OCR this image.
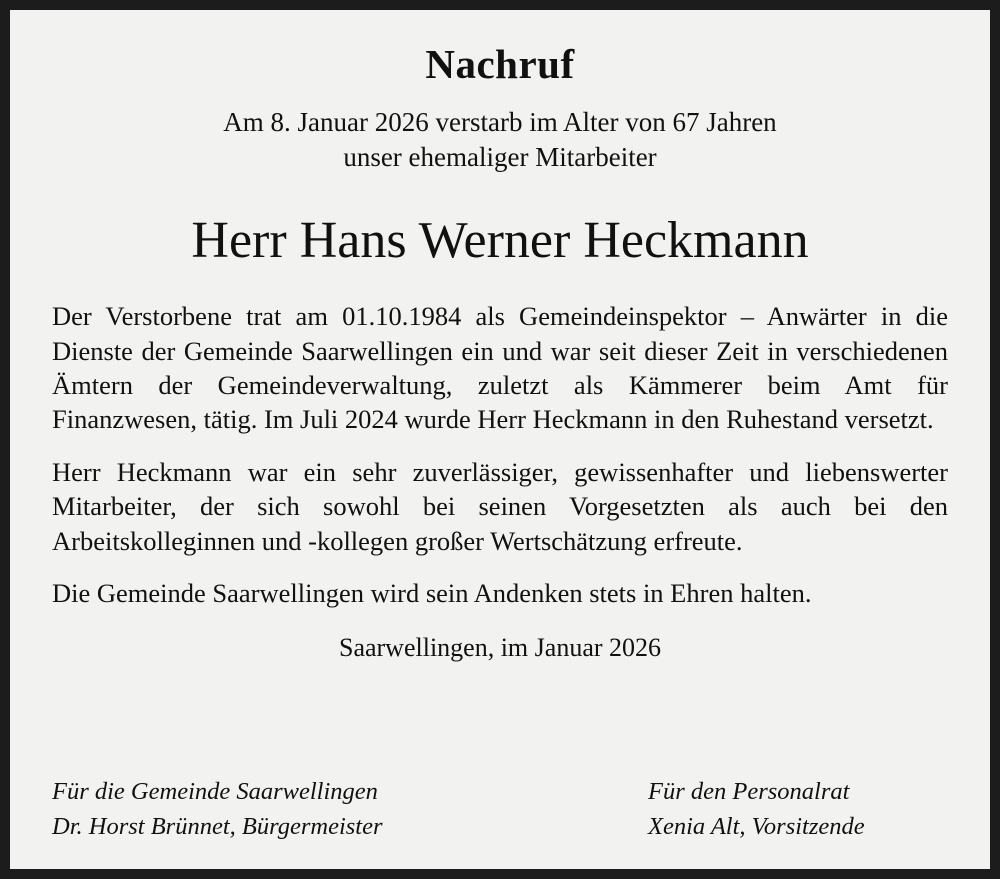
Nachruf
Am 8. Januar 2026 verstarb im Alter von 67 Jahren
unser ehemaliger Mitarbeiter
Herr Hans Werner Heckmann

Der Verstorbene trat am 01.10.1984 als Gemeindeinspektor – Anwärter in die Dienste der Gemeinde Saarwellingen ein und war seit dieser Zeit in verschiedenen Ämtern der Gemeindeverwaltung, zuletzt als Kämmerer beim Amt für Finanzwesen, tätig. Im Juli 2024 wurde Herr Heckmann in den Ruhestand versetzt.

Herr Heckmann war ein sehr zuverlässiger, gewissenhafter und liebenswerter Mitarbeiter, der sich sowohl bei seinen Vorgesetzten als auch bei den Arbeitskolleginnen und -kollegen großer Wertschätzung erfreute.

Die Gemeinde Saarwellingen wird sein Andenken stets in Ehren halten.

Saarwellingen, im Januar 2026
Für die Gemeinde Saarwellingen
Dr. Horst Brünnet, Bürgermeister
Für den Personalrat
Xenia Alt, Vorsitzende
